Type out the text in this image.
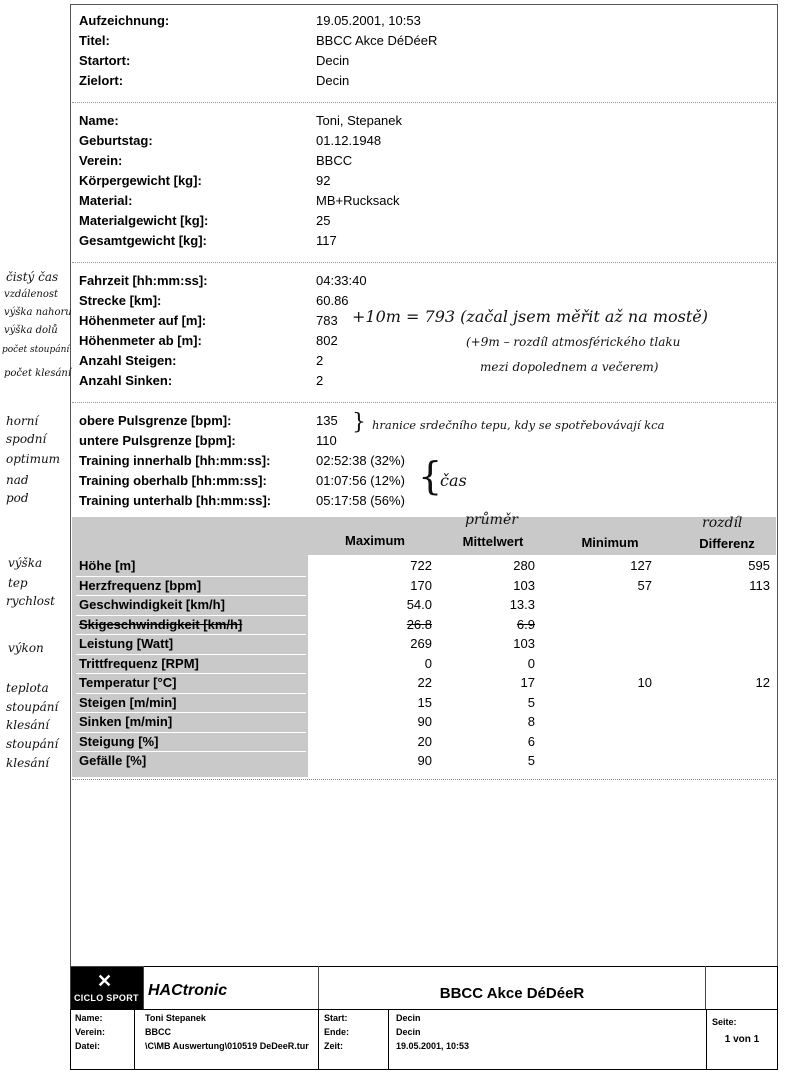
Aufzeichnung:	19.05.2001, 10:53
Titel:	BBCC Akce DéDéeR
Startort:	Decin
Zielort:	Decin
Name:	Toni, Stepanek
Geburtstag:	01.12.1948
Verein:	BBCC
Körpergewicht [kg]:	92
Material:	MB+Rucksack
Materialgewicht [kg]:	25
Gesamtgewicht [kg]:	117
Fahrzeit [hh:mm:ss]:	04:33:40
Strecke [km]:	60.86
Höhenmeter auf [m]:	783
Höhenmeter ab [m]:	802
Anzahl Steigen:	2
Anzahl Sinken:	2
obere Pulsgrenze [bpm]:	135
untere Pulsgrenze [bpm]:	110
Training innerhalb [hh:mm:ss]:	02:52:38 (32%)
Training oberhalb [hh:mm:ss]:	01:07:56 (12%)
Training unterhalb [hh:mm:ss]:	05:17:58 (56%)
Maximum	Mittelwert	Minimum	Differenz
Höhe [m]	722	280	127	595
Herzfrequenz [bpm]	170	103	57	113
Geschwindigkeit [km/h]	54.0	13.3
Skigeschwindigkeit [km/h]	26.8	6.9
Leistung [Watt]	269	103
Trittfrequenz [RPM]	0	0
Temperatur [°C]	22	17	10	12
Steigen [m/min]	15	5
Sinken [m/min]	90	8
Steigung [%]	20	6
Gefälle [%]	90	5
čistý čas
vzdálenost
výška nahoru
výška dolů
počet stoupání
počet klesání
horní
spodní
optimum
nad
pod
výška
tep
rychlost
výkon
teplota
stoupání
klesání
stoupání
klesání
+10m = 793 (začal jsem měřit až na mostě)
(+9m – rozdíl atmosférického tlaku
mezi dopolednem a večerem)
} hranice srdečního tepu, kdy se spotřebovávají kca
{
čas
průměr	rozdíl
✕
CICLO SPORT HACtronic	BBCC Akce DéDéeR
Name:	Toni Stepanek
Verein:	BBCC
Datei:	\C\MB Auswertung\010519 DeDeeR.tur
Start:	Decin
Ende:	Decin
Zeit:	19.05.2001, 10:53
Seite:
1 von 1
